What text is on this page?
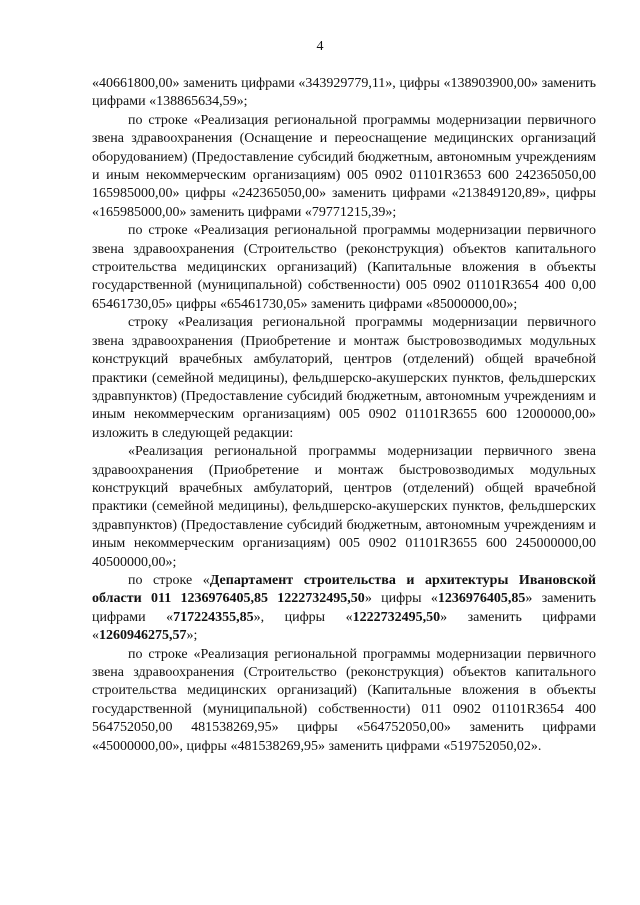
4

«40661800,00» заменить цифрами «343929779,11», цифры «138903900,00» заменить цифрами «138865634,59»;

по строке «Реализация региональной программы модернизации первичного звена здравоохранения (Оснащение и переоснащение медицинских организаций оборудованием) (Предоставление субсидий бюджетным, автономным учреждениям и иным некоммерческим организациям) 005 0902 01101R3653 600 242365050,00 165985000,00» цифры «242365050,00» заменить цифрами «213849120,89», цифры «165985000,00» заменить цифрами «79771215,39»;

по строке «Реализация региональной программы модернизации первичного звена здравоохранения (Строительство (реконструкция) объектов капитального строительства медицинских организаций) (Капитальные вложения в объекты государственной (муниципальной) собственности) 005 0902 01101R3654 400 0,00 65461730,05» цифры «65461730,05» заменить цифрами «85000000,00»;

строку «Реализация региональной программы модернизации первичного звена здравоохранения (Приобретение и монтаж быстровозводимых модульных конструкций врачебных амбулаторий, центров (отделений) общей врачебной практики (семейной медицины), фельдшерско-акушерских пунктов, фельдшерских здравпунктов) (Предоставление субсидий бюджетным, автономным учреждениям и иным некоммерческим организациям) 005 0902 01101R3655 600 12000000,00» изложить в следующей редакции:

«Реализация региональной программы модернизации первичного звена здравоохранения (Приобретение и монтаж быстровозводимых модульных конструкций врачебных амбулаторий, центров (отделений) общей врачебной практики (семейной медицины), фельдшерско-акушерских пунктов, фельдшерских здравпунктов) (Предоставление субсидий бюджетным, автономным учреждениям и иным некоммерческим организациям) 005 0902 01101R3655 600 245000000,00 40500000,00»;

по строке «Департамент строительства и архитектуры Ивановской области 011 1236976405,85 1222732495,50» цифры «1236976405,85» заменить цифрами «717224355,85», цифры «1222732495,50» заменить цифрами «1260946275,57»;

по строке «Реализация региональной программы модернизации первичного звена здравоохранения (Строительство (реконструкция) объектов капитального строительства медицинских организаций) (Капитальные вложения в объекты государственной (муниципальной) собственности) 011 0902 01101R3654 400 564752050,00 481538269,95» цифры «564752050,00» заменить цифрами «45000000,00», цифры «481538269,95» заменить цифрами «519752050,02».
